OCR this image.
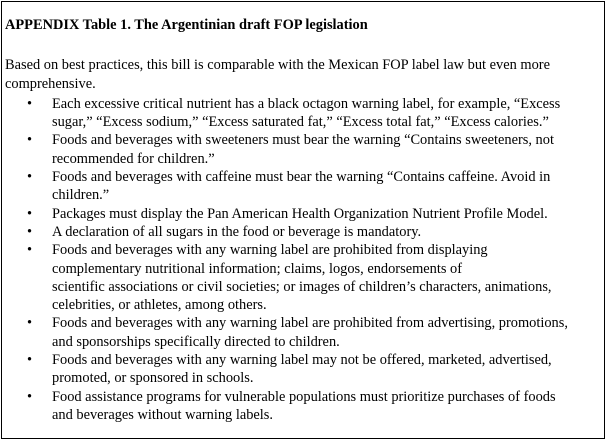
APPENDIX Table 1. The Argentinian draft FOP legislation
Based on best practices, this bill is comparable with the Mexican FOP label law but even more
comprehensive.
• Each excessive critical nutrient has a black octagon warning label, for example, “Excess
sugar,” “Excess sodium,” “Excess saturated fat,” “Excess total fat,” “Excess calories.”
• Foods and beverages with sweeteners must bear the warning “Contains sweeteners, not
recommended for children.”
• Foods and beverages with caffeine must bear the warning “Contains caffeine. Avoid in
children.”
• Packages must display the Pan American Health Organization Nutrient Profile Model.
• A declaration of all sugars in the food or beverage is mandatory.
• Foods and beverages with any warning label are prohibited from displaying
complementary nutritional information; claims, logos, endorsements of
scientific associations or civil societies; or images of children’s characters, animations,
celebrities, or athletes, among others.
• Foods and beverages with any warning label are prohibited from advertising, promotions,
and sponsorships specifically directed to children.
• Foods and beverages with any warning label may not be offered, marketed, advertised,
promoted, or sponsored in schools.
• Food assistance programs for vulnerable populations must prioritize purchases of foods
and beverages without warning labels.
